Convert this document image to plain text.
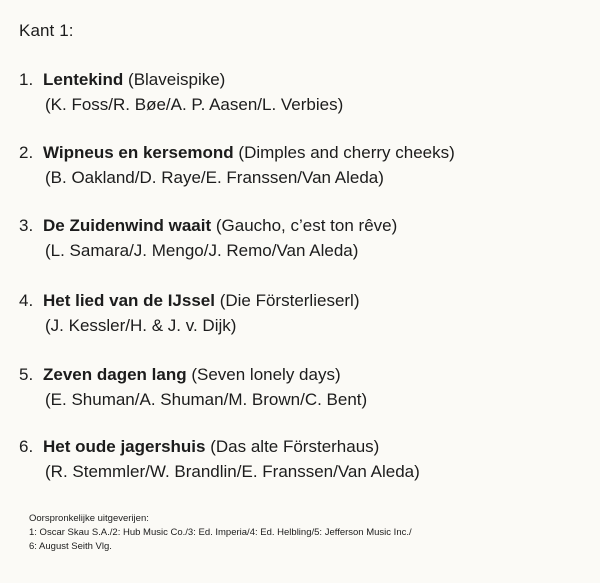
Kant 1:
1. Lentekind (Blaveispike)
(K. Foss/R. Bøe/A. P. Aasen/L. Verbies)
2. Wipneus en kersemond (Dimples and cherry cheeks)
(B. Oakland/D. Raye/E. Franssen/Van Aleda)
3. De Zuidenwind waait (Gaucho, c’est ton rêve)
(L. Samara/J. Mengo/J. Remo/Van Aleda)
4. Het lied van de IJssel (Die Försterlieserl)
(J. Kessler/H. & J. v. Dijk)
5. Zeven dagen lang (Seven lonely days)
(E. Shuman/A. Shuman/M. Brown/C. Bent)
6. Het oude jagershuis (Das alte Försterhaus)
(R. Stemmler/W. Brandlin/E. Franssen/Van Aleda)
Oorspronkelijke uitgeverijen:
1: Oscar Skau S.A./2: Hub Music Co./3: Ed. Imperia/4: Ed. Helbling/5: Jefferson Music Inc./
6: August Seith Vlg.
